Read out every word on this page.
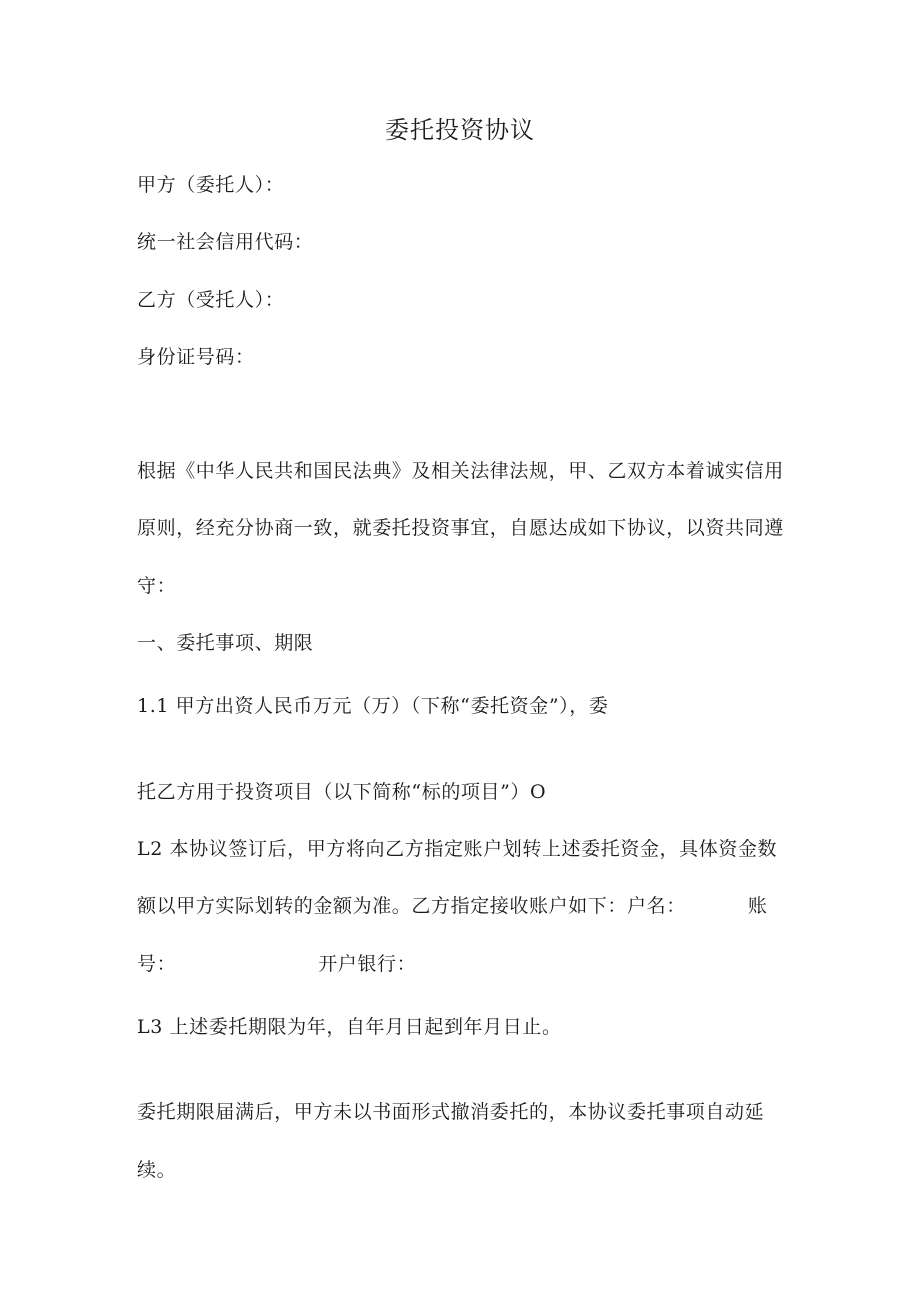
委托投资协议
甲方（委托人）：
统一社会信用代码：
乙方（受托人）：
身份证号码：
根据《中华人民共和国民法典》及相关法律法规，甲、乙双方本着诚实信用
原则，经充分协商一致，就委托投资事宜，自愿达成如下协议，以资共同遵
守：
一、委托事项、期限
1.1 甲方出资人民币万元（万）（下称“委托资金”），委
托乙方用于投资项目（以下简称“标的项目”）O
L2 本协议签订后，甲方将向乙方指定账户划转上述委托资金，具体资金数
额以甲方实际划转的金额为准。乙方指定接收账户如下：户名：	账
号：	开户银行：
L3 上述委托期限为年，自年月日起到年月日止。
委托期限届满后，甲方未以书面形式撤消委托的，本协议委托事项自动延
续。
